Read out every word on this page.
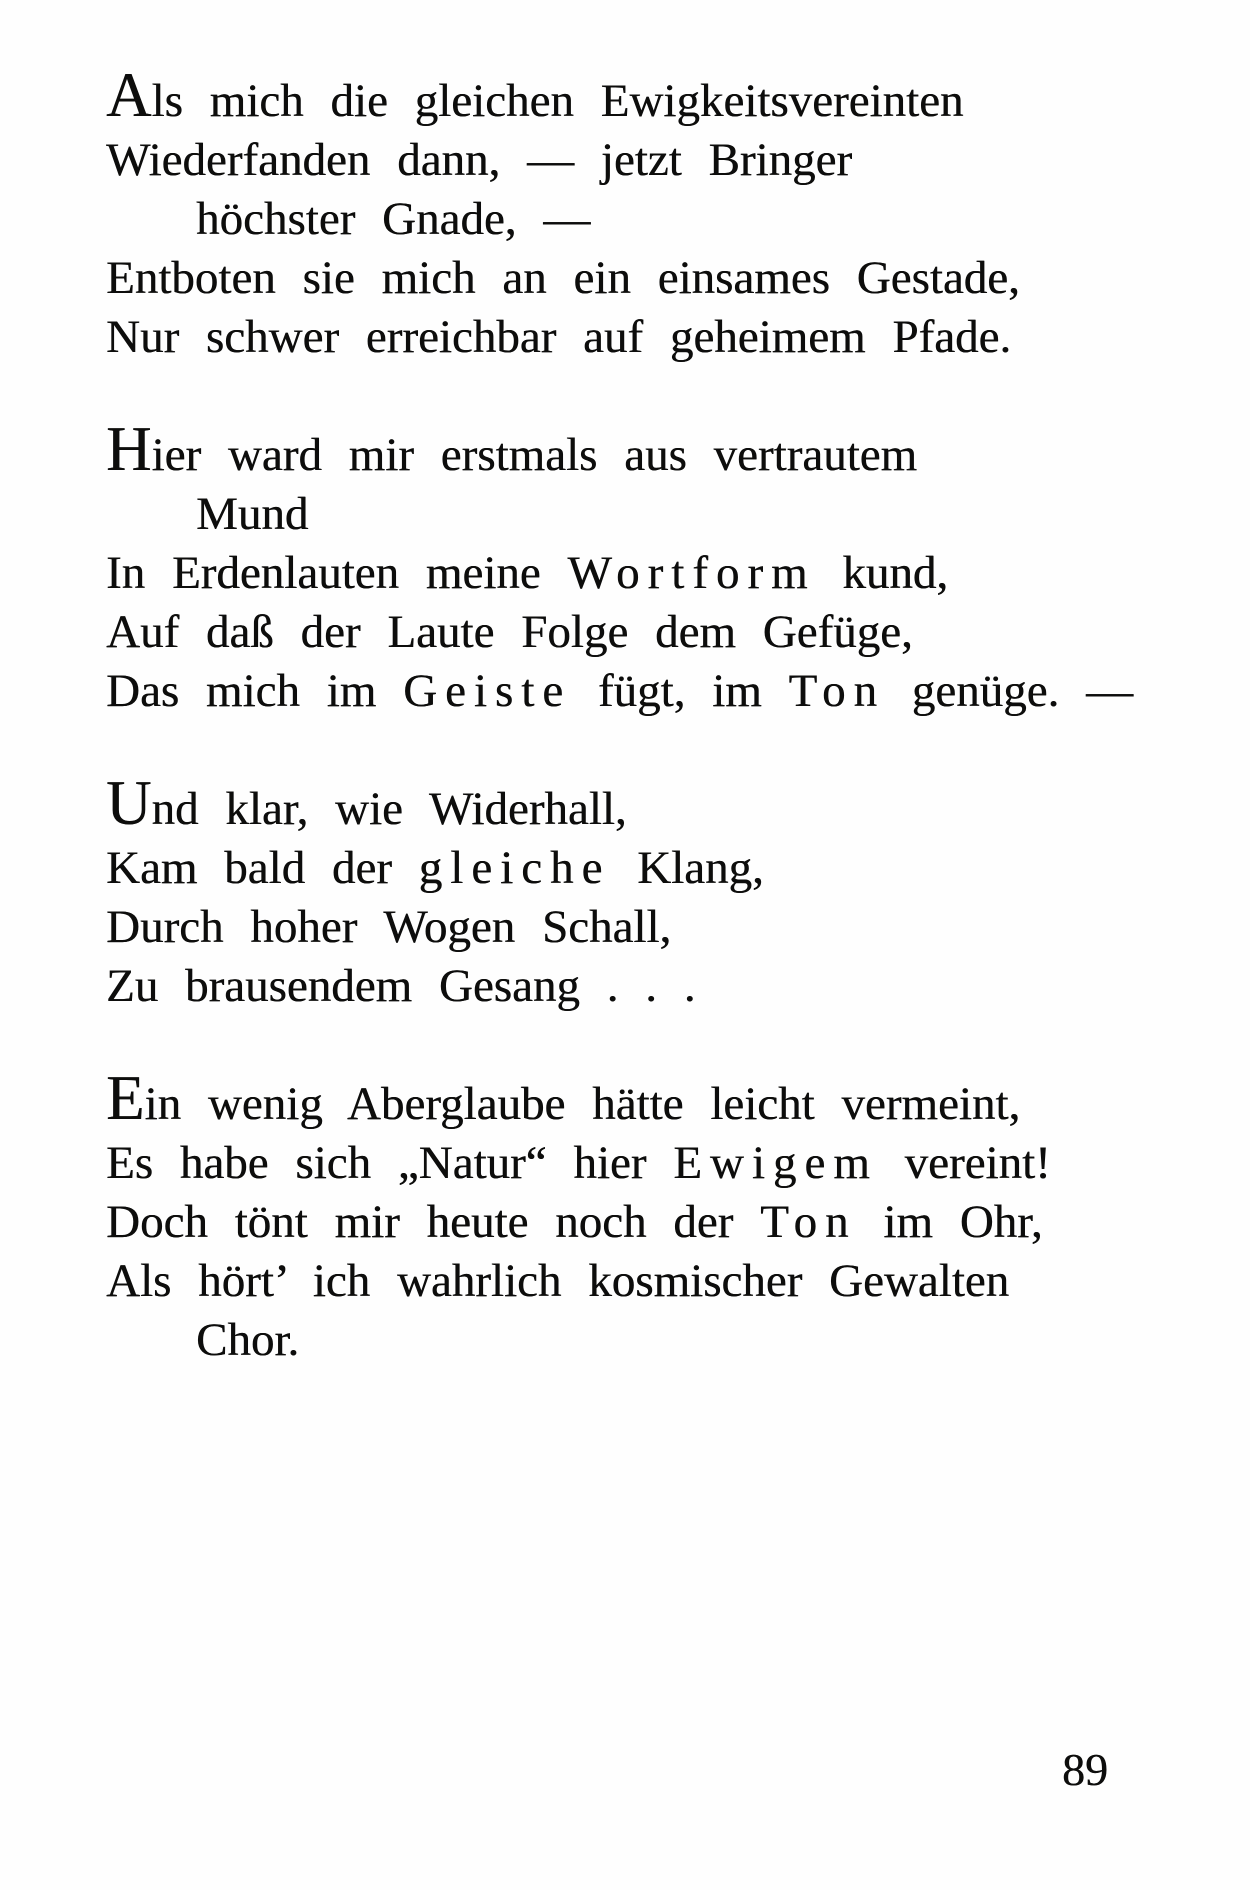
Als mich die gleichen Ewigkeitsvereinten
Wiederfanden dann, — jetzt Bringer
höchster Gnade, —
Entboten sie mich an ein einsames Gestade,
Nur schwer erreichbar auf geheimem Pfade.
Hier ward mir erstmals aus vertrautem
Mund
In Erdenlauten meine Wortform kund,
Auf daß der Laute Folge dem Gefüge,
Das mich im Geiste fügt, im Ton genüge. —
Und klar, wie Widerhall,
Kam bald der gleiche Klang,
Durch hoher Wogen Schall,
Zu brausendem Gesang . . .
Ein wenig Aberglaube hätte leicht vermeint,
Es habe sich „Natur“ hier Ewigem vereint!
Doch tönt mir heute noch der Ton im Ohr,
Als hört’ ich wahrlich kosmischer Gewalten
Chor.
89
